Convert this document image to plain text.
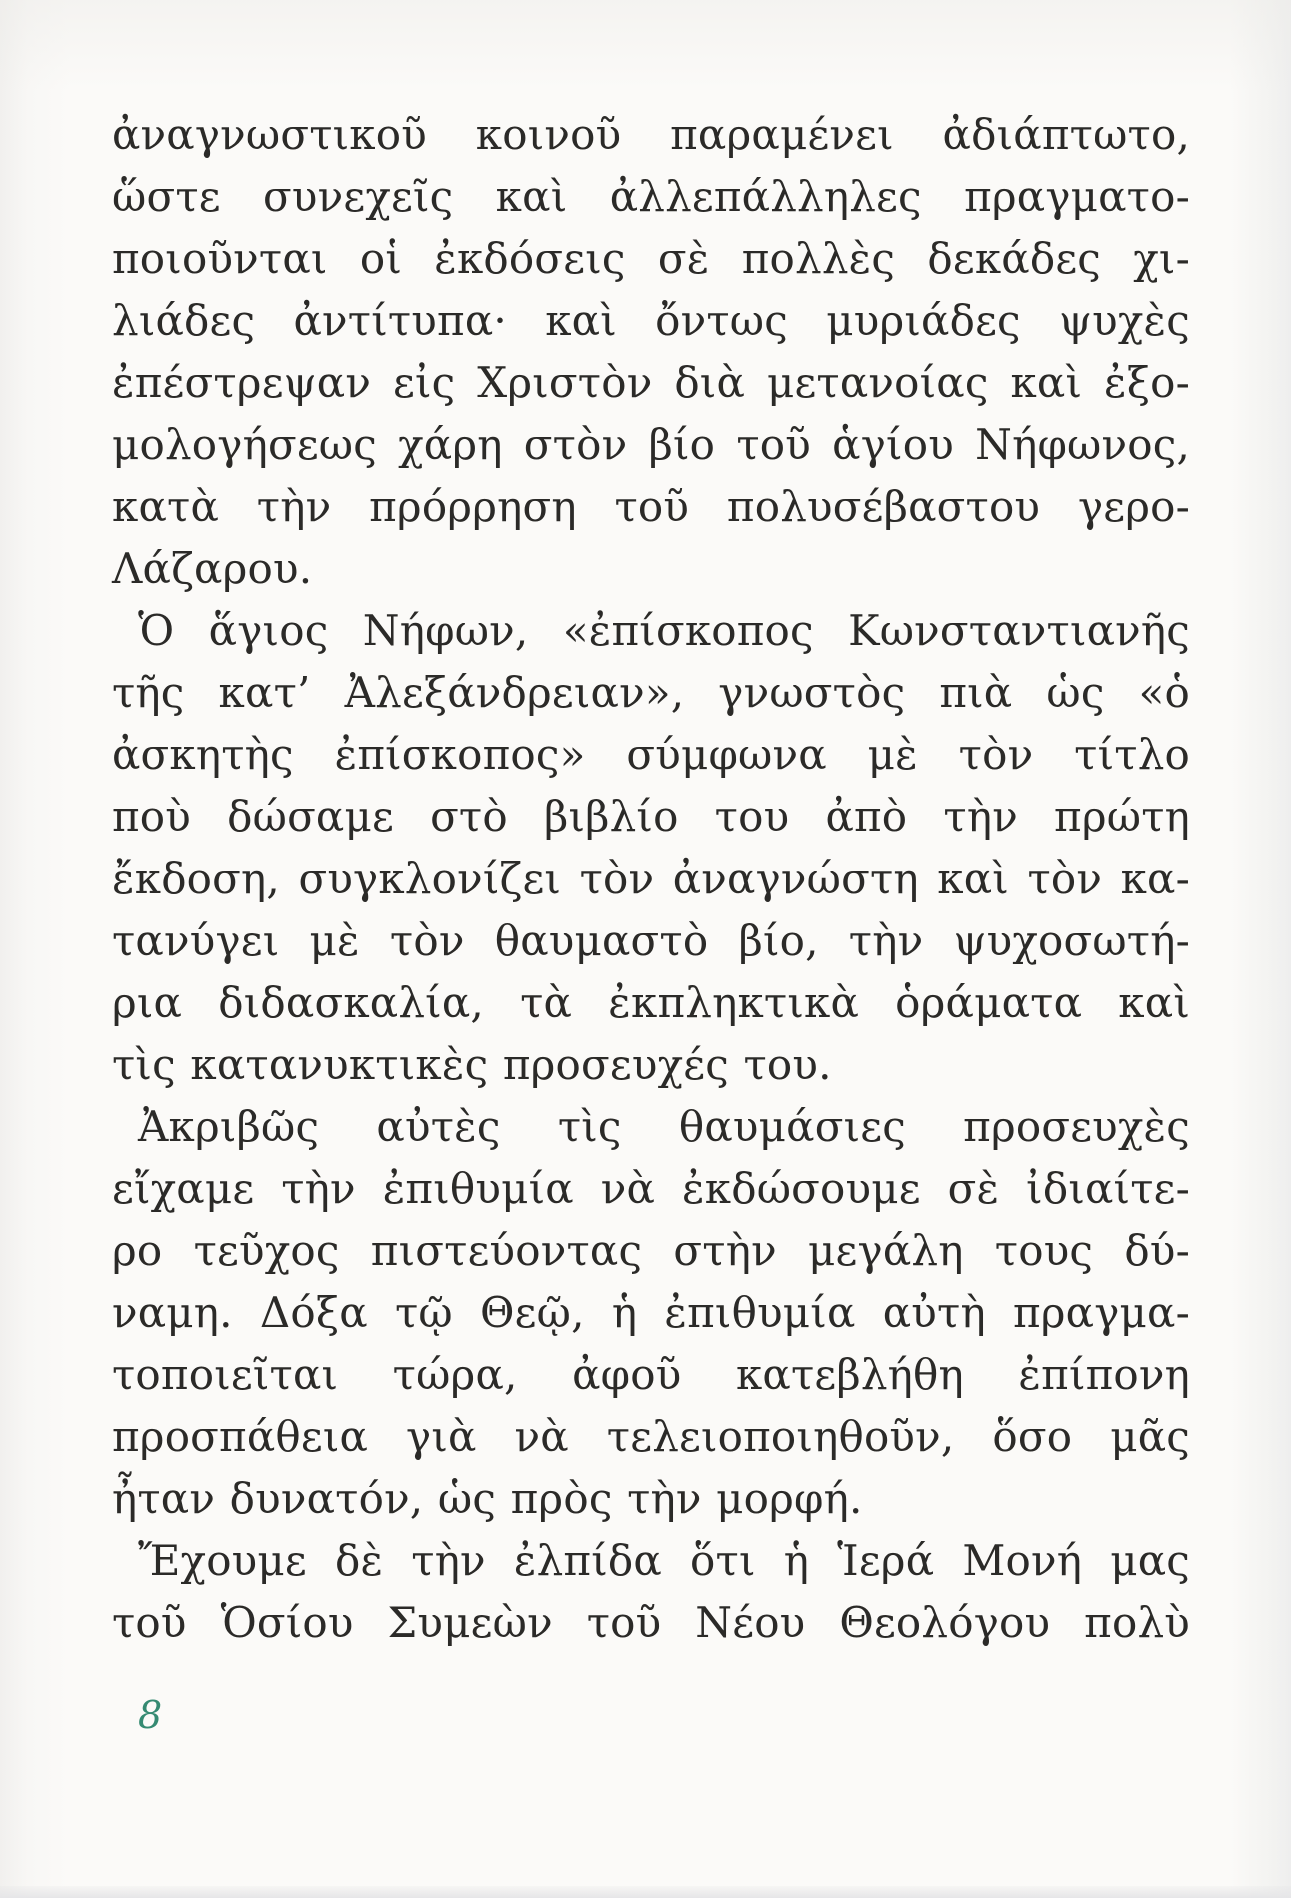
ἀναγνωστικοῦ κοινοῦ παραμένει ἀδιάπτωτο,
ὥστε συνεχεῖς καὶ ἀλλεπάλληλες πραγματο-
ποιοῦνται οἱ ἐκδόσεις σὲ πολλὲς δεκάδες χι-
λιάδες ἀντίτυπα· καὶ ὄντως μυριάδες ψυχὲς
ἐπέστρεψαν εἰς Χριστὸν διὰ μετανοίας καὶ ἐξο-
μολογήσεως χάρη στὸν βίο τοῦ ἁγίου Νήφωνος,
κατὰ τὴν πρόρρηση τοῦ πολυσέβαστου γερο-
Λάζαρου.
Ὁ ἅγιος Νήφων, «ἐπίσκοπος Κωνσταντιανῆς
τῆς κατ’ Ἀλεξάνδρειαν», γνωστὸς πιὰ ὡς «ὁ
ἀσκητὴς ἐπίσκοπος» σύμφωνα μὲ τὸν τίτλο
ποὺ δώσαμε στὸ βιβλίο του ἀπὸ τὴν πρώτη
ἔκδοση, συγκλονίζει τὸν ἀναγνώστη καὶ τὸν κα-
τανύγει μὲ τὸν θαυμαστὸ βίο, τὴν ψυχοσωτή-
ρια διδασκαλία, τὰ ἐκπληκτικὰ ὁράματα καὶ
τὶς κατανυκτικὲς προσευχές του.
Ἀκριβῶς αὐτὲς τὶς θαυμάσιες προσευχὲς
εἴχαμε τὴν ἐπιθυμία νὰ ἐκδώσουμε σὲ ἰδιαίτε-
ρο τεῦχος πιστεύοντας στὴν μεγάλη τους δύ-
ναμη. Δόξα τῷ Θεῷ, ἡ ἐπιθυμία αὐτὴ πραγμα-
τοποιεῖται τώρα, ἀφοῦ κατεβλήθη ἐπίπονη
προσπάθεια γιὰ νὰ τελειοποιηθοῦν, ὅσο μᾶς
ἦταν δυνατόν, ὡς πρὸς τὴν μορφή.
Ἔχουμε δὲ τὴν ἐλπίδα ὅτι ἡ Ἱερά Μονή μας
τοῦ Ὁσίου Συμεὼν τοῦ Νέου Θεολόγου πολὺ
8
